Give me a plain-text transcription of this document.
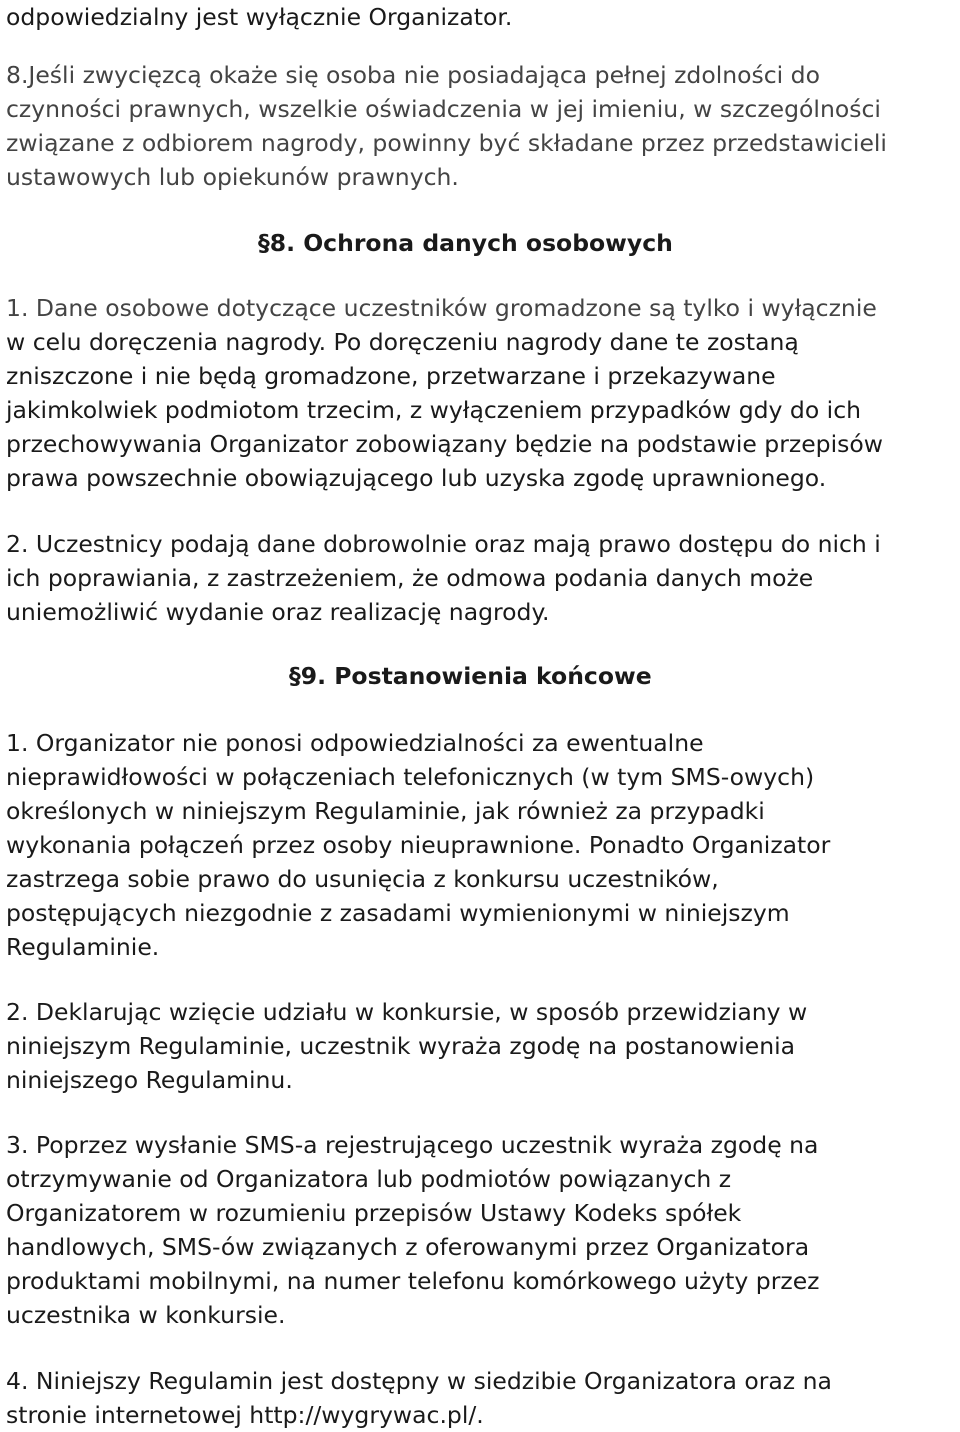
odpowiedzialny jest wyłącznie Organizator.

8.Jeśli zwycięzcą okaże się osoba nie posiadająca pełnej zdolności do
czynności prawnych, wszelkie oświadczenia w jej imieniu, w szczególności
związane z odbiorem nagrody, powinny być składane przez przedstawicieli
ustawowych lub opiekunów prawnych.

§8. Ochrona danych osobowych

1. Dane osobowe dotyczące uczestników gromadzone są tylko i wyłącznie
w celu doręczenia nagrody. Po doręczeniu nagrody dane te zostaną
zniszczone i nie będą gromadzone, przetwarzane i przekazywane
jakimkolwiek podmiotom trzecim, z wyłączeniem przypadków gdy do ich
przechowywania Organizator zobowiązany będzie na podstawie przepisów
prawa powszechnie obowiązującego lub uzyska zgodę uprawnionego.

2. Uczestnicy podają dane dobrowolnie oraz mają prawo dostępu do nich i
ich poprawiania, z zastrzeżeniem, że odmowa podania danych może
uniemożliwić wydanie oraz realizację nagrody.

§9. Postanowienia końcowe

1. Organizator nie ponosi odpowiedzialności za ewentualne
nieprawidłowości w połączeniach telefonicznych (w tym SMS-owych)
określonych w niniejszym Regulaminie, jak również za przypadki
wykonania połączeń przez osoby nieuprawnione. Ponadto Organizator
zastrzega sobie prawo do usunięcia z konkursu uczestników,
postępujących niezgodnie z zasadami wymienionymi w niniejszym
Regulaminie.

2. Deklarując wzięcie udziału w konkursie, w sposób przewidziany w
niniejszym Regulaminie, uczestnik wyraża zgodę na postanowienia
niniejszego Regulaminu.

3. Poprzez wysłanie SMS-a rejestrującego uczestnik wyraża zgodę na
otrzymywanie od Organizatora lub podmiotów powiązanych z
Organizatorem w rozumieniu przepisów Ustawy Kodeks spółek
handlowych, SMS-ów związanych z oferowanymi przez Organizatora
produktami mobilnymi, na numer telefonu komórkowego użyty przez
uczestnika w konkursie.

4. Niniejszy Regulamin jest dostępny w siedzibie Organizatora oraz na
stronie internetowej http://wygrywac.pl/.
